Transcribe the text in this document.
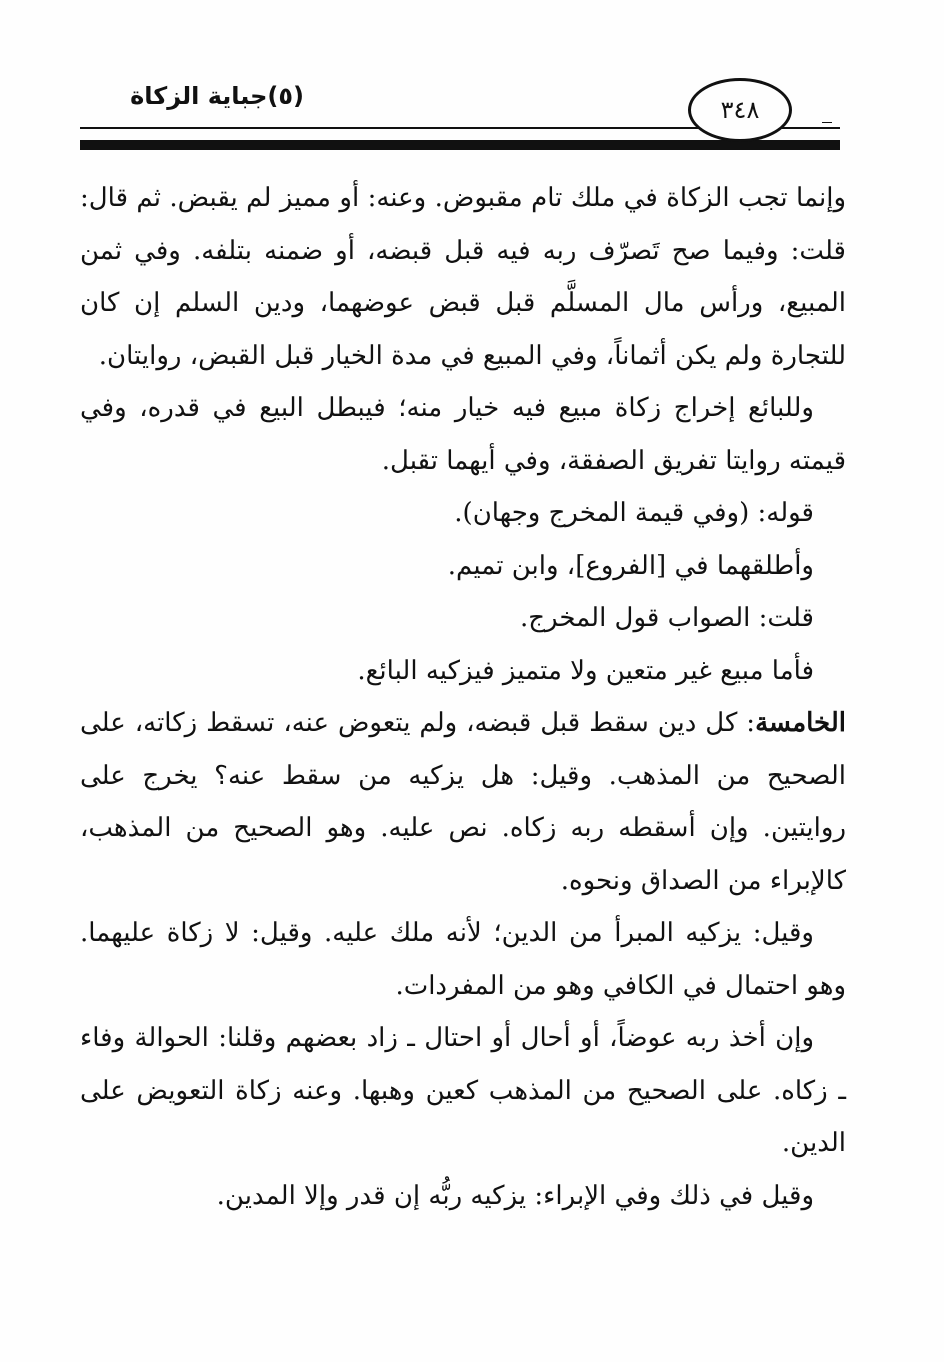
(٥)جباية الزكاة	٣٤٨

وإنما تجب الزكاة في ملك تام مقبوض. وعنه: أو مميز لم يقبض. ثم قال: قلت: وفيما صح تَصرّف ربه فيه قبل قبضه، أو ضمنه بتلفه. وفي ثمن المبيع، ورأس مال المسلَّم قبل قبض عوضهما، ودين السلم إن كان للتجارة ولم يكن أثماناً، وفي المبيع في مدة الخيار قبل القبض، روايتان.

وللبائع إخراج زكاة مبيع فيه خيار منه؛ فيبطل البيع في قدره، وفي قيمته روايتا تفريق الصفقة، وفي أيهما تقبل.

قوله: (وفي قيمة المخرج وجهان).

وأطلقهما في [الفروع]، وابن تميم.

قلت: الصواب قول المخرج.

فأما مبيع غير متعين ولا متميز فيزكيه البائع.

الخامسة: كل دين سقط قبل قبضه، ولم يتعوض عنه، تسقط زكاته، على الصحيح من المذهب. وقيل: هل يزكيه من سقط عنه؟ يخرج على روايتين. وإن أسقطه ربه زكاه. نص عليه. وهو الصحيح من المذهب، كالإبراء من الصداق ونحوه.

وقيل: يزكيه المبرأ من الدين؛ لأنه ملك عليه. وقيل: لا زكاة عليهما. وهو احتمال في الكافي وهو من المفردات.

وإن أخذ ربه عوضاً، أو أحال أو احتال ـ زاد بعضهم وقلنا: الحوالة وفاء ـ زكاه. على الصحيح من المذهب كعين وهبها. وعنه زكاة التعويض على الدين.

وقيل في ذلك وفي الإبراء: يزكيه ربُّه إن قدر وإلا المدين.
